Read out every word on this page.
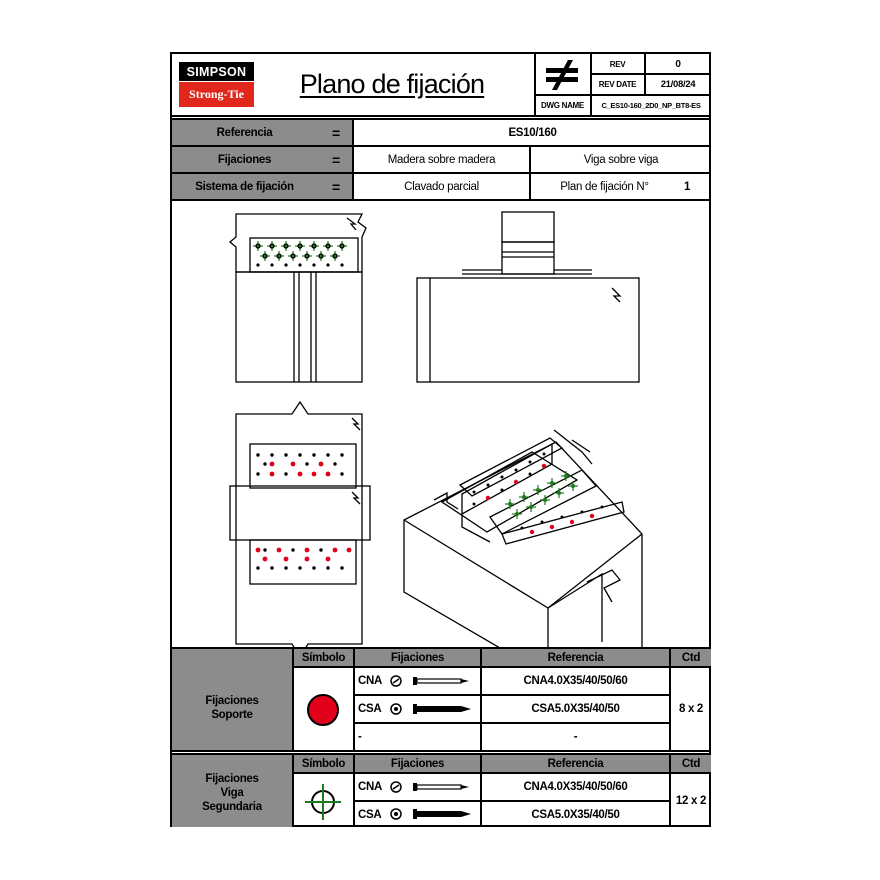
SIMPSON
Strong-Tie	Plano de fijación
REV	0
REV DATE	21/08/24
DWG NAME	C_ES10-160_2D0_NP_BT8-ES
Referencia	=	ES10/160
Fijaciones	=	Madera sobre madera	Viga sobre viga
Sistema de fijación	=	Clavado parcial	Plan de fijación N°	1
Fijaciones Soporte
Símbolo	Fijaciones	Referencia	Ctd
CNA	CNA4.0X35/40/50/60
CSA	CSA5.0X35/40/50
-	-
8 x 2
Fijaciones Viga Segundaria
Símbolo	Fijaciones	Referencia	Ctd
CNA	CNA4.0X35/40/50/60
CSA	CSA5.0X35/40/50
12 x 2
